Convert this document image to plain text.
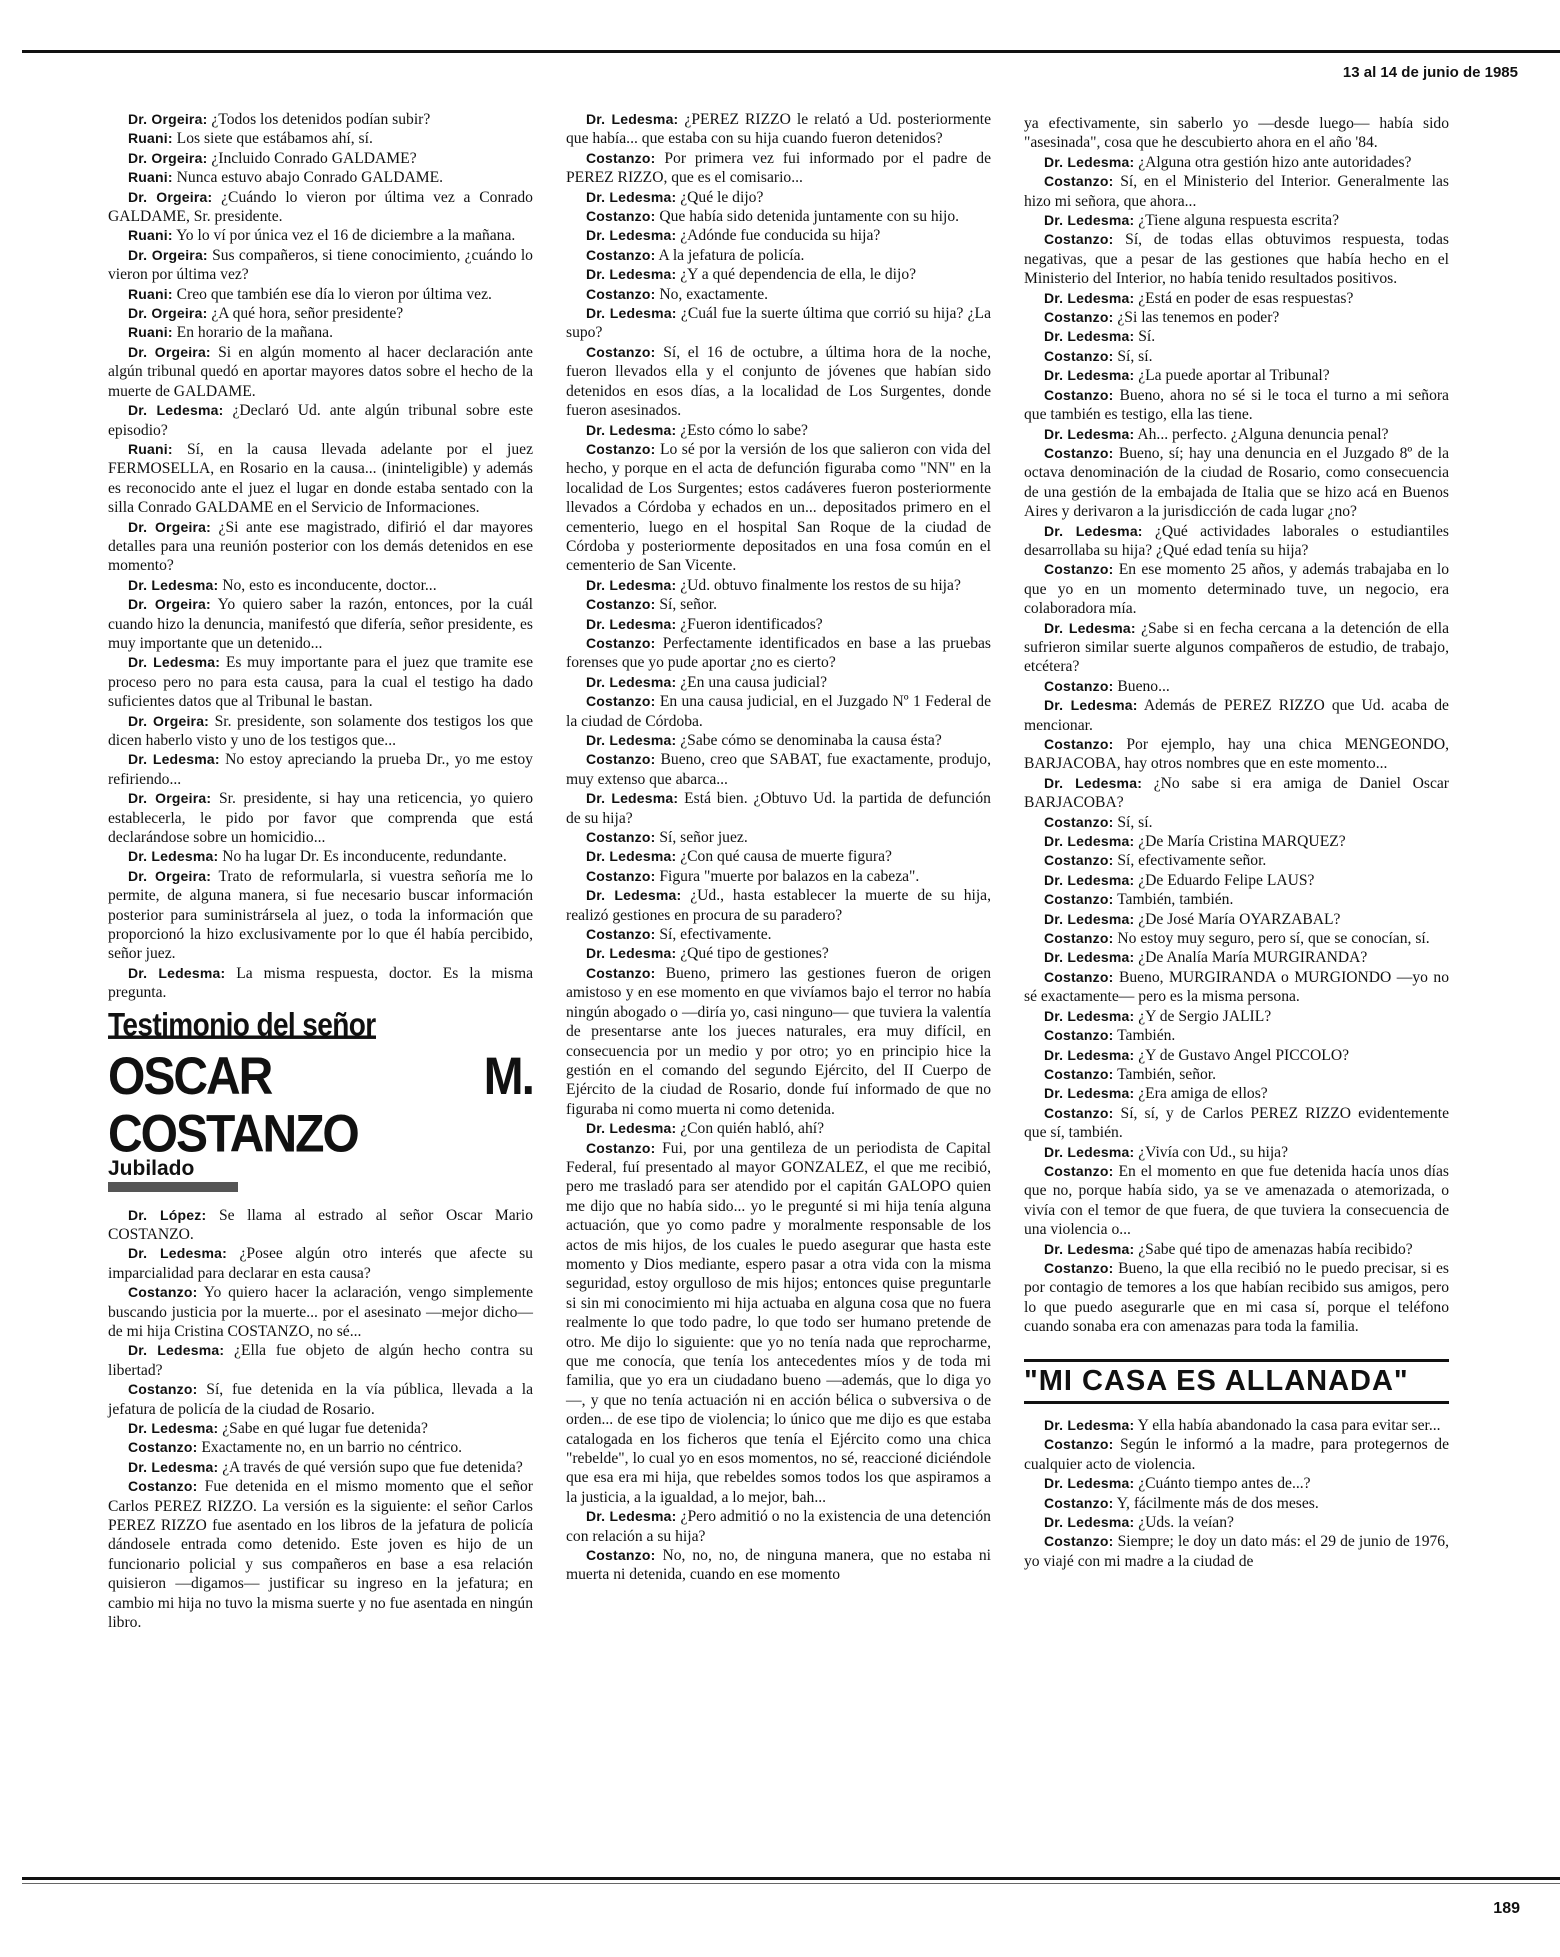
13 al 14 de junio de 1985

Dr. Orgeira: ¿Todos los detenidos podían subir?

Ruani: Los siete que estábamos ahí, sí.

Dr. Orgeira: ¿Incluido Conrado GALDAME?

Ruani: Nunca estuvo abajo Conrado GALDAME.

Dr. Orgeira: ¿Cuándo lo vieron por última vez a Conrado GALDAME, Sr. presidente.

Ruani: Yo lo ví por única vez el 16 de diciembre a la mañana.

Dr. Orgeira: Sus compañeros, si tiene conocimiento, ¿cuándo lo vieron por última vez?

Ruani: Creo que también ese día lo vieron por última vez.

Dr. Orgeira: ¿A qué hora, señor presidente?

Ruani: En horario de la mañana.

Dr. Orgeira: Si en algún momento al hacer declaración ante algún tribunal quedó en aportar mayores datos sobre el hecho de la muerte de GALDAME.

Dr. Ledesma: ¿Declaró Ud. ante algún tribunal sobre este episodio?

Ruani: Sí, en la causa llevada adelante por el juez FERMOSELLA, en Rosario en la causa... (ininteligible) y además es reconocido ante el juez el lugar en donde estaba sentado con la silla Conrado GALDAME en el Servicio de Informaciones.

Dr. Orgeira: ¿Si ante ese magistrado, difirió el dar mayores detalles para una reunión posterior con los demás detenidos en ese momento?

Dr. Ledesma: No, esto es inconducente, doctor...

Dr. Orgeira: Yo quiero saber la razón, entonces, por la cuál cuando hizo la denuncia, manifestó que difería, señor presidente, es muy importante que un detenido...

Dr. Ledesma: Es muy importante para el juez que tramite ese proceso pero no para esta causa, para la cual el testigo ha dado suficientes datos que al Tribunal le bastan.

Dr. Orgeira: Sr. presidente, son solamente dos testigos los que dicen haberlo visto y uno de los testigos que...

Dr. Ledesma: No estoy apreciando la prueba Dr., yo me estoy refiriendo...

Dr. Orgeira: Sr. presidente, si hay una reticencia, yo quiero establecerla, le pido por favor que comprenda que está declarándose sobre un homicidio...

Dr. Ledesma: No ha lugar Dr. Es inconducente, redundante.

Dr. Orgeira: Trato de reformularla, si vuestra señoría me lo permite, de alguna manera, si fue necesario buscar información posterior para suministrársela al juez, o toda la información que proporcionó la hizo exclusivamente por lo que él había percibido, señor juez.

Dr. Ledesma: La misma respuesta, doctor. Es la misma pregunta.

Testimonio del señor
OSCAR M. COSTANZO
Jubilado

Dr. López: Se llama al estrado al señor Oscar Mario COSTANZO.

Dr. Ledesma: ¿Posee algún otro interés que afecte su imparcialidad para declarar en esta causa?

Costanzo: Yo quiero hacer la aclaración, vengo simplemente buscando justicia por la muerte... por el asesinato —mejor dicho— de mi hija Cristina COSTANZO, no sé...

Dr. Ledesma: ¿Ella fue objeto de algún hecho contra su libertad?

Costanzo: Sí, fue detenida en la vía pública, llevada a la jefatura de policía de la ciudad de Rosario.

Dr. Ledesma: ¿Sabe en qué lugar fue detenida?

Costanzo: Exactamente no, en un barrio no céntrico.

Dr. Ledesma: ¿A través de qué versión supo que fue detenida?

Costanzo: Fue detenida en el mismo momento que el señor Carlos PEREZ RIZZO. La versión es la siguiente: el señor Carlos PEREZ RIZZO fue asentado en los libros de la jefatura de policía dándosele entrada como detenido. Este joven es hijo de un funcionario policial y sus compañeros en base a esa relación quisieron —digamos— justificar su ingreso en la jefatura; en cambio mi hija no tuvo la misma suerte y no fue asentada en ningún libro.

Dr. Ledesma: ¿PEREZ RIZZO le relató a Ud. posteriormente que había... que estaba con su hija cuando fueron detenidos?

Costanzo: Por primera vez fui informado por el padre de PEREZ RIZZO, que es el comisario...

Dr. Ledesma: ¿Qué le dijo?

Costanzo: Que había sido detenida juntamente con su hijo.

Dr. Ledesma: ¿Adónde fue conducida su hija?

Costanzo: A la jefatura de policía.

Dr. Ledesma: ¿Y a qué dependencia de ella, le dijo?

Costanzo: No, exactamente.

Dr. Ledesma: ¿Cuál fue la suerte última que corrió su hija? ¿La supo?

Costanzo: Sí, el 16 de octubre, a última hora de la noche, fueron llevados ella y el conjunto de jóvenes que habían sido detenidos en esos días, a la localidad de Los Surgentes, donde fueron asesinados.

Dr. Ledesma: ¿Esto cómo lo sabe?

Costanzo: Lo sé por la versión de los que salieron con vida del hecho, y porque en el acta de defunción figuraba como "NN" en la localidad de Los Surgentes; estos cadáveres fueron posteriormente llevados a Córdoba y echados en un... depositados primero en el cementerio, luego en el hospital San Roque de la ciudad de Córdoba y posteriormente depositados en una fosa común en el cementerio de San Vicente.

Dr. Ledesma: ¿Ud. obtuvo finalmente los restos de su hija?

Costanzo: Sí, señor.

Dr. Ledesma: ¿Fueron identificados?

Costanzo: Perfectamente identificados en base a las pruebas forenses que yo pude aportar ¿no es cierto?

Dr. Ledesma: ¿En una causa judicial?

Costanzo: En una causa judicial, en el Juzgado Nº 1 Federal de la ciudad de Córdoba.

Dr. Ledesma: ¿Sabe cómo se denominaba la causa ésta?

Costanzo: Bueno, creo que SABAT, fue exactamente, produjo, muy extenso que abarca...

Dr. Ledesma: Está bien. ¿Obtuvo Ud. la partida de defunción de su hija?

Costanzo: Sí, señor juez.

Dr. Ledesma: ¿Con qué causa de muerte figura?

Costanzo: Figura "muerte por balazos en la cabeza".

Dr. Ledesma: ¿Ud., hasta establecer la muerte de su hija, realizó gestiones en procura de su paradero?

Costanzo: Sí, efectivamente.

Dr. Ledesma: ¿Qué tipo de gestiones?

Costanzo: Bueno, primero las gestiones fueron de origen amistoso y en ese momento en que vivíamos bajo el terror no había ningún abogado o —diría yo, casi ninguno— que tuviera la valentía de presentarse ante los jueces naturales, era muy difícil, en consecuencia por un medio y por otro; yo en principio hice la gestión en el comando del segundo Ejército, del II Cuerpo de Ejército de la ciudad de Rosario, donde fuí informado de que no figuraba ni como muerta ni como detenida.

Dr. Ledesma: ¿Con quién habló, ahí?

Costanzo: Fui, por una gentileza de un periodista de Capital Federal, fuí presentado al mayor GONZALEZ, el que me recibió, pero me trasladó para ser atendido por el capitán GALOPO quien me dijo que no había sido... yo le pregunté si mi hija tenía alguna actuación, que yo como padre y moralmente responsable de los actos de mis hijos, de los cuales le puedo asegurar que hasta este momento y Dios mediante, espero pasar a otra vida con la misma seguridad, estoy orgulloso de mis hijos; entonces quise preguntarle si sin mi conocimiento mi hija actuaba en alguna cosa que no fuera realmente lo que todo padre, lo que todo ser humano pretende de otro. Me dijo lo siguiente: que yo no tenía nada que reprocharme, que me conocía, que tenía los antecedentes míos y de toda mi familia, que yo era un ciudadano bueno —además, que lo diga yo—, y que no tenía actuación ni en acción bélica o subversiva o de orden... de ese tipo de violencia; lo único que me dijo es que estaba catalogada en los ficheros que tenía el Ejército como una chica "rebelde", lo cual yo en esos momentos, no sé, reaccioné diciéndole que esa era mi hija, que rebeldes somos todos los que aspiramos a la justicia, a la igualdad, a lo mejor, bah...

Dr. Ledesma: ¿Pero admitió o no la existencia de una detención con relación a su hija?

Costanzo: No, no, no, de ninguna manera, que no estaba ni muerta ni detenida, cuando en ese momento

ya efectivamente, sin saberlo yo —desde luego— había sido "asesinada", cosa que he descubierto ahora en el año '84.

Dr. Ledesma: ¿Alguna otra gestión hizo ante autoridades?

Costanzo: Sí, en el Ministerio del Interior. Generalmente las hizo mi señora, que ahora...

Dr. Ledesma: ¿Tiene alguna respuesta escrita?

Costanzo: Sí, de todas ellas obtuvimos respuesta, todas negativas, que a pesar de las gestiones que había hecho en el Ministerio del Interior, no había tenido resultados positivos.

Dr. Ledesma: ¿Está en poder de esas respuestas?

Costanzo: ¿Si las tenemos en poder?

Dr. Ledesma: Sí.

Costanzo: Sí, sí.

Dr. Ledesma: ¿La puede aportar al Tribunal?

Costanzo: Bueno, ahora no sé si le toca el turno a mi señora que también es testigo, ella las tiene.

Dr. Ledesma: Ah... perfecto. ¿Alguna denuncia penal?

Costanzo: Bueno, sí; hay una denuncia en el Juzgado 8º de la octava denominación de la ciudad de Rosario, como consecuencia de una gestión de la embajada de Italia que se hizo acá en Buenos Aires y derivaron a la jurisdicción de cada lugar ¿no?

Dr. Ledesma: ¿Qué actividades laborales o estudiantiles desarrollaba su hija? ¿Qué edad tenía su hija?

Costanzo: En ese momento 25 años, y además trabajaba en lo que yo en un momento determinado tuve, un negocio, era colaboradora mía.

Dr. Ledesma: ¿Sabe si en fecha cercana a la detención de ella sufrieron similar suerte algunos compañeros de estudio, de trabajo, etcétera?

Costanzo: Bueno...

Dr. Ledesma: Además de PEREZ RIZZO que Ud. acaba de mencionar.

Costanzo: Por ejemplo, hay una chica MENGEONDO, BARJACOBA, hay otros nombres que en este momento...

Dr. Ledesma: ¿No sabe si era amiga de Daniel Oscar BARJACOBA?

Costanzo: Sí, sí.

Dr. Ledesma: ¿De María Cristina MARQUEZ?

Costanzo: Sí, efectivamente señor.

Dr. Ledesma: ¿De Eduardo Felipe LAUS?

Costanzo: También, también.

Dr. Ledesma: ¿De José María OYARZABAL?

Costanzo: No estoy muy seguro, pero sí, que se conocían, sí.

Dr. Ledesma: ¿De Analía María MURGIRANDA?

Costanzo: Bueno, MURGIRANDA o MURGIONDO —yo no sé exactamente— pero es la misma persona.

Dr. Ledesma: ¿Y de Sergio JALIL?

Costanzo: También.

Dr. Ledesma: ¿Y de Gustavo Angel PICCOLO?

Costanzo: También, señor.

Dr. Ledesma: ¿Era amiga de ellos?

Costanzo: Sí, sí, y de Carlos PEREZ RIZZO evidentemente que sí, también.

Dr. Ledesma: ¿Vivía con Ud., su hija?

Costanzo: En el momento en que fue detenida hacía unos días que no, porque había sido, ya se ve amenazada o atemorizada, o vivía con el temor de que fuera, de que tuviera la consecuencia de una violencia o...

Dr. Ledesma: ¿Sabe qué tipo de amenazas había recibido?

Costanzo: Bueno, la que ella recibió no le puedo precisar, si es por contagio de temores a los que habían recibido sus amigos, pero lo que puedo asegurarle que en mi casa sí, porque el teléfono cuando sonaba era con amenazas para toda la familia.

"MI CASA ES ALLANADA"

Dr. Ledesma: Y ella había abandonado la casa para evitar ser...

Costanzo: Según le informó a la madre, para protegernos de cualquier acto de violencia.

Dr. Ledesma: ¿Cuánto tiempo antes de...?

Costanzo: Y, fácilmente más de dos meses.

Dr. Ledesma: ¿Uds. la veían?

Costanzo: Siempre; le doy un dato más: el 29 de junio de 1976, yo viajé con mi madre a la ciudad de

189
